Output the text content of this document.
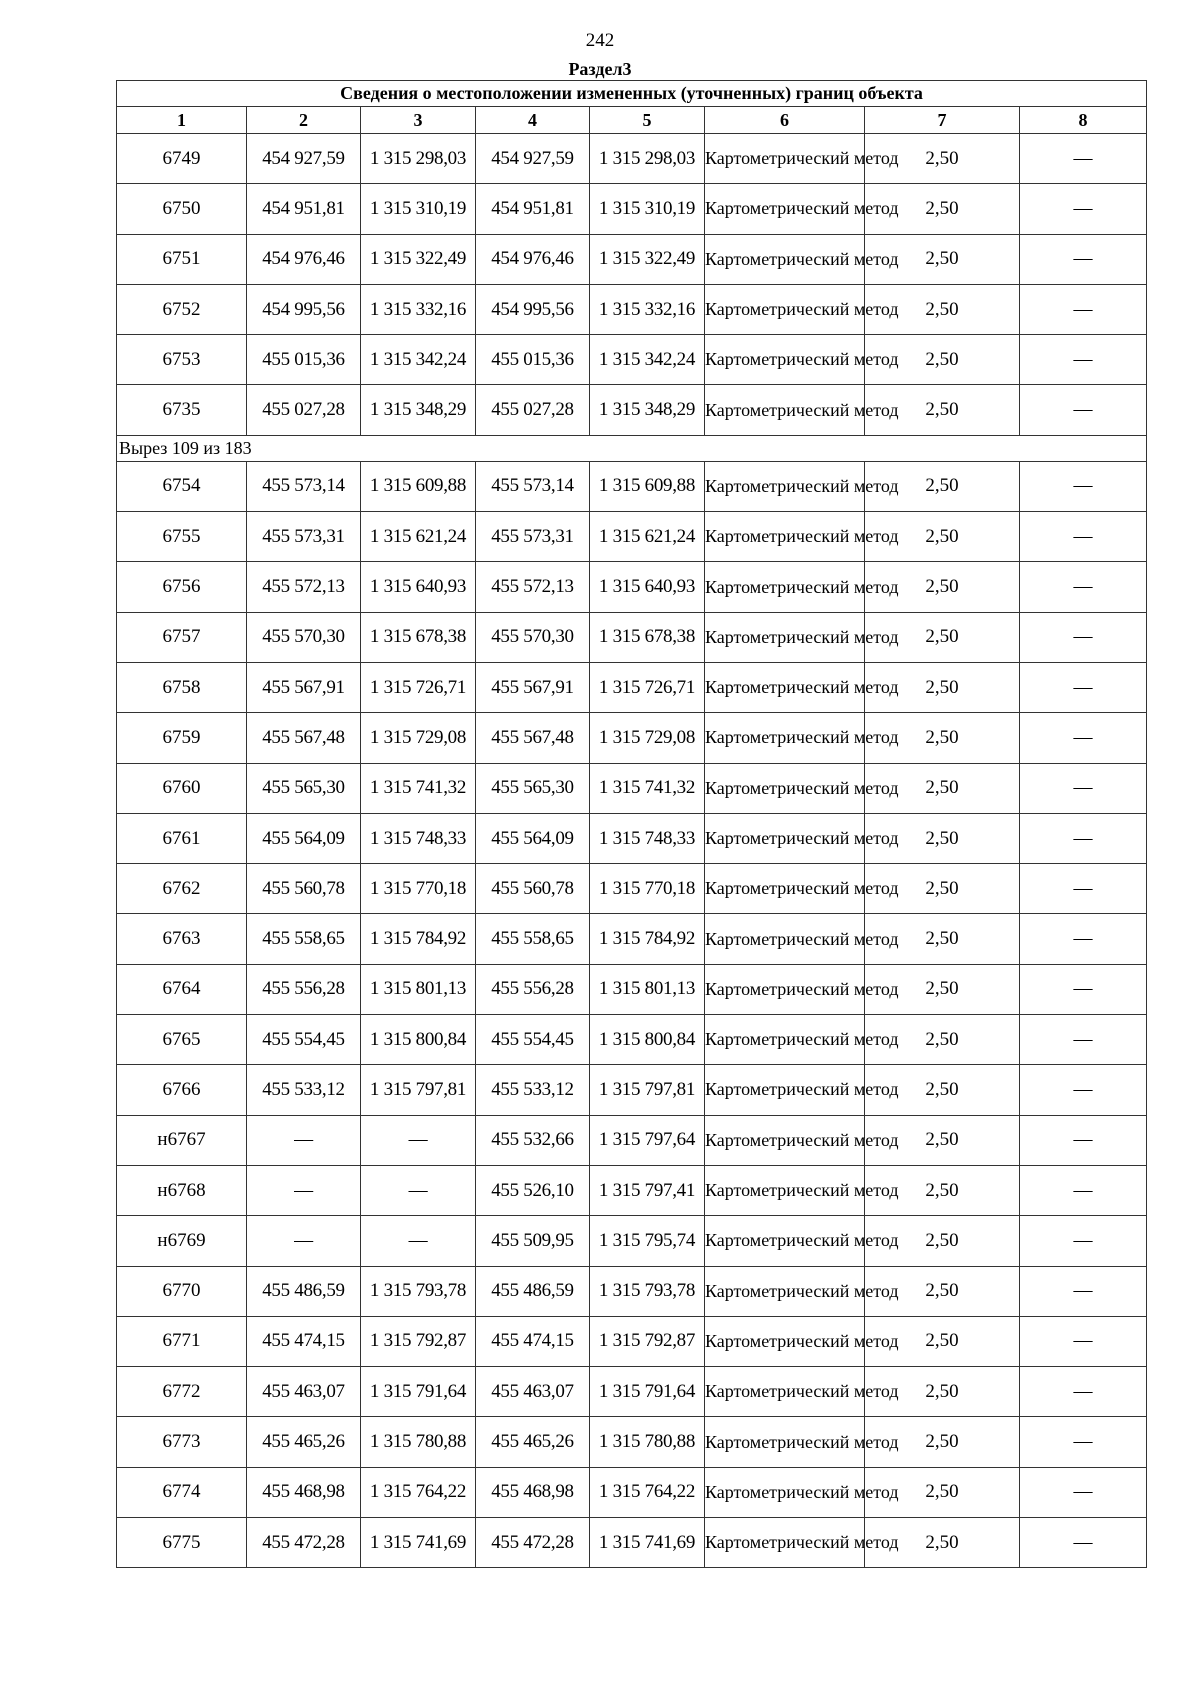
242
Раздел3
Сведения о местоположении измененных (уточненных) границ объекта							
1	2	3	4	5	6	7	8
6749	454 927,59	1 315 298,03	454 927,59	1 315 298,03	Картометрический метод	2,50	—
6750	454 951,81	1 315 310,19	454 951,81	1 315 310,19	Картометрический метод	2,50	—
6751	454 976,46	1 315 322,49	454 976,46	1 315 322,49	Картометрический метод	2,50	—
6752	454 995,56	1 315 332,16	454 995,56	1 315 332,16	Картометрический метод	2,50	—
6753	455 015,36	1 315 342,24	455 015,36	1 315 342,24	Картометрический метод	2,50	—
6735	455 027,28	1 315 348,29	455 027,28	1 315 348,29	Картометрический метод	2,50	—
Вырез 109 из 183							
6754	455 573,14	1 315 609,88	455 573,14	1 315 609,88	Картометрический метод	2,50	—
6755	455 573,31	1 315 621,24	455 573,31	1 315 621,24	Картометрический метод	2,50	—
6756	455 572,13	1 315 640,93	455 572,13	1 315 640,93	Картометрический метод	2,50	—
6757	455 570,30	1 315 678,38	455 570,30	1 315 678,38	Картометрический метод	2,50	—
6758	455 567,91	1 315 726,71	455 567,91	1 315 726,71	Картометрический метод	2,50	—
6759	455 567,48	1 315 729,08	455 567,48	1 315 729,08	Картометрический метод	2,50	—
6760	455 565,30	1 315 741,32	455 565,30	1 315 741,32	Картометрический метод	2,50	—
6761	455 564,09	1 315 748,33	455 564,09	1 315 748,33	Картометрический метод	2,50	—
6762	455 560,78	1 315 770,18	455 560,78	1 315 770,18	Картометрический метод	2,50	—
6763	455 558,65	1 315 784,92	455 558,65	1 315 784,92	Картометрический метод	2,50	—
6764	455 556,28	1 315 801,13	455 556,28	1 315 801,13	Картометрический метод	2,50	—
6765	455 554,45	1 315 800,84	455 554,45	1 315 800,84	Картометрический метод	2,50	—
6766	455 533,12	1 315 797,81	455 533,12	1 315 797,81	Картометрический метод	2,50	—
н6767	—	—	455 532,66	1 315 797,64	Картометрический метод	2,50	—
н6768	—	—	455 526,10	1 315 797,41	Картометрический метод	2,50	—
н6769	—	—	455 509,95	1 315 795,74	Картометрический метод	2,50	—
6770	455 486,59	1 315 793,78	455 486,59	1 315 793,78	Картометрический метод	2,50	—
6771	455 474,15	1 315 792,87	455 474,15	1 315 792,87	Картометрический метод	2,50	—
6772	455 463,07	1 315 791,64	455 463,07	1 315 791,64	Картометрический метод	2,50	—
6773	455 465,26	1 315 780,88	455 465,26	1 315 780,88	Картометрический метод	2,50	—
6774	455 468,98	1 315 764,22	455 468,98	1 315 764,22	Картометрический метод	2,50	—
6775	455 472,28	1 315 741,69	455 472,28	1 315 741,69	Картометрический метод	2,50	—
